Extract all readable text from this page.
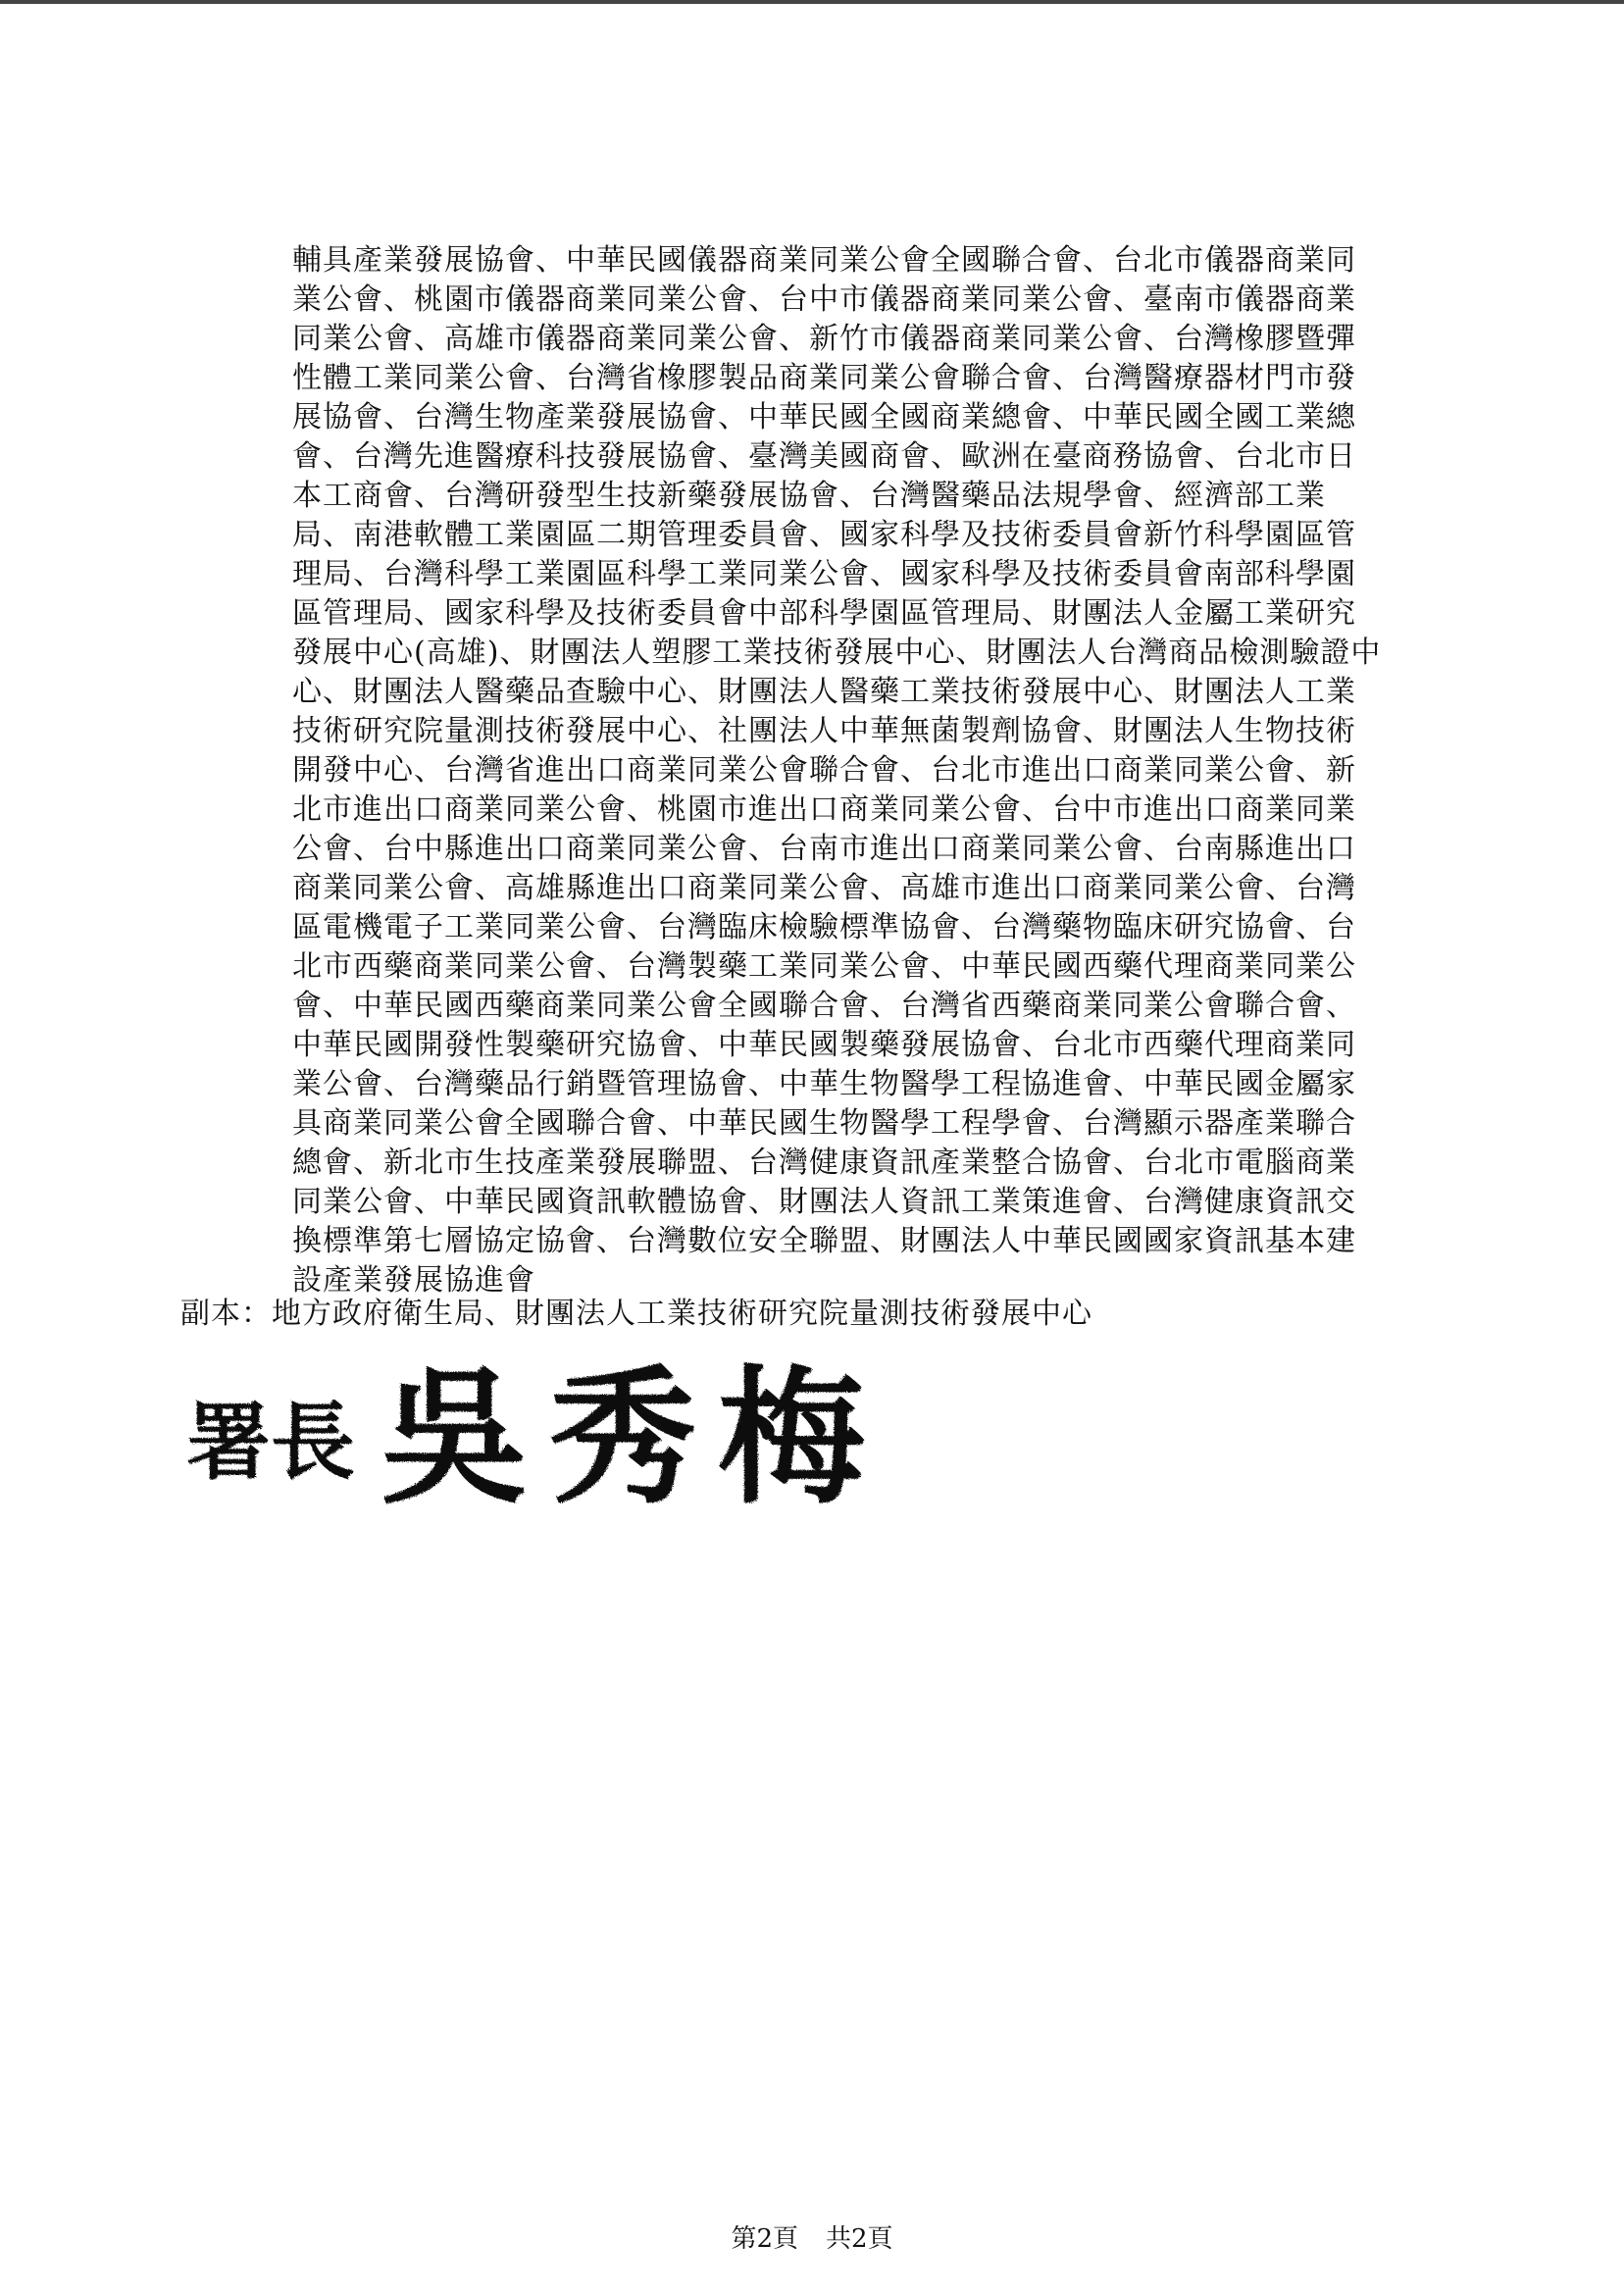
輔具產業發展協會、中華民國儀器商業同業公會全國聯合會、台北市儀器商業同
業公會、桃園市儀器商業同業公會、台中市儀器商業同業公會、臺南市儀器商業
同業公會、高雄市儀器商業同業公會、新竹市儀器商業同業公會、台灣橡膠暨彈
性體工業同業公會、台灣省橡膠製品商業同業公會聯合會、台灣醫療器材門市發
展協會、台灣生物產業發展協會、中華民國全國商業總會、中華民國全國工業總
會、台灣先進醫療科技發展協會、臺灣美國商會、歐洲在臺商務協會、台北市日
本工商會、台灣研發型生技新藥發展協會、台灣醫藥品法規學會、經濟部工業
局、南港軟體工業園區二期管理委員會、國家科學及技術委員會新竹科學園區管
理局、台灣科學工業園區科學工業同業公會、國家科學及技術委員會南部科學園
區管理局、國家科學及技術委員會中部科學園區管理局、財團法人金屬工業研究
發展中心(高雄)、財團法人塑膠工業技術發展中心、財團法人台灣商品檢測驗證中
心、財團法人醫藥品查驗中心、財團法人醫藥工業技術發展中心、財團法人工業
技術研究院量測技術發展中心、社團法人中華無菌製劑協會、財團法人生物技術
開發中心、台灣省進出口商業同業公會聯合會、台北市進出口商業同業公會、新
北市進出口商業同業公會、桃園市進出口商業同業公會、台中市進出口商業同業
公會、台中縣進出口商業同業公會、台南市進出口商業同業公會、台南縣進出口
商業同業公會、高雄縣進出口商業同業公會、高雄市進出口商業同業公會、台灣
區電機電子工業同業公會、台灣臨床檢驗標準協會、台灣藥物臨床研究協會、台
北市西藥商業同業公會、台灣製藥工業同業公會、中華民國西藥代理商業同業公
會、中華民國西藥商業同業公會全國聯合會、台灣省西藥商業同業公會聯合會、
中華民國開發性製藥研究協會、中華民國製藥發展協會、台北市西藥代理商業同
業公會、台灣藥品行銷暨管理協會、中華生物醫學工程協進會、中華民國金屬家
具商業同業公會全國聯合會、中華民國生物醫學工程學會、台灣顯示器產業聯合
總會、新北市生技產業發展聯盟、台灣健康資訊產業整合協會、台北市電腦商業
同業公會、中華民國資訊軟體協會、財團法人資訊工業策進會、台灣健康資訊交
換標準第七層協定協會、台灣數位安全聯盟、財團法人中華民國國家資訊基本建
設產業發展協進會
副本：地方政府衛生局、財團法人工業技術研究院量測技術發展中心
署長 吳秀梅
第2頁 共2頁
